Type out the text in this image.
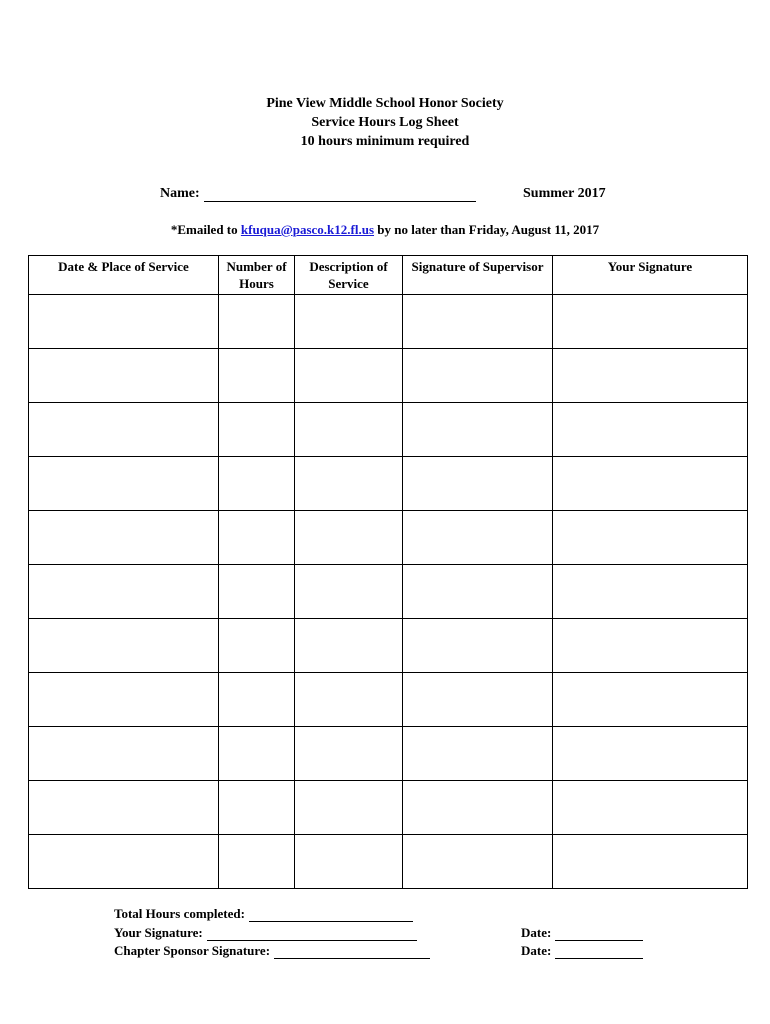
Pine View Middle School Honor Society
Service Hours Log Sheet
10 hours minimum required
Name:	Summer 2017
*Emailed to kfuqua@pasco.k12.fl.us by no later than Friday, August 11, 2017
Date & Place of Service	Number of Hours	Description of Service	Signature of Supervisor	Your Signature

Total Hours completed:
Your Signature:
Chapter Sponsor Signature:
Date:
Date:
